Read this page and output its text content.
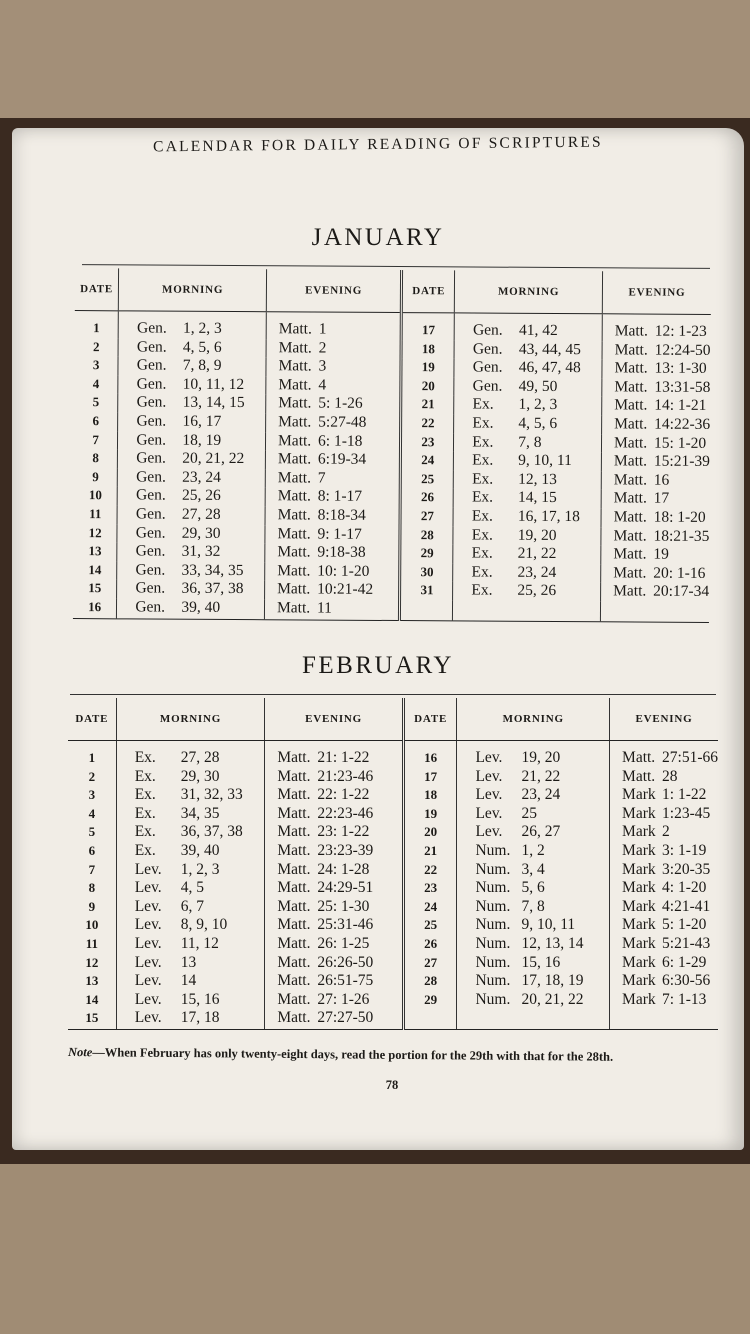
CALENDAR FOR DAILY READING OF SCRIPTURES
JANUARY
DATE	MORNING	EVENING	DATE	MORNING	EVENING
1	Gen. 1, 2, 3	Matt. 1	17	Gen. 41, 42	Matt. 12: 1-23
2	Gen. 4, 5, 6	Matt. 2	18	Gen. 43, 44, 45	Matt. 12:24-50
3	Gen. 7, 8, 9	Matt. 3	19	Gen. 46, 47, 48	Matt. 13: 1-30
4	Gen. 10, 11, 12	Matt. 4	20	Gen. 49, 50	Matt. 13:31-58
5	Gen. 13, 14, 15	Matt. 5: 1-26	21	Ex. 1, 2, 3	Matt. 14: 1-21
6	Gen. 16, 17	Matt. 5:27-48	22	Ex. 4, 5, 6	Matt. 14:22-36
7	Gen. 18, 19	Matt. 6: 1-18	23	Ex. 7, 8	Matt. 15: 1-20
8	Gen. 20, 21, 22	Matt. 6:19-34	24	Ex. 9, 10, 11	Matt. 15:21-39
9	Gen. 23, 24	Matt. 7	25	Ex. 12, 13	Matt. 16
10	Gen. 25, 26	Matt. 8: 1-17	26	Ex. 14, 15	Matt. 17
11	Gen. 27, 28	Matt. 8:18-34	27	Ex. 16, 17, 18	Matt. 18: 1-20
12	Gen. 29, 30	Matt. 9: 1-17	28	Ex. 19, 20	Matt. 18:21-35
13	Gen. 31, 32	Matt. 9:18-38	29	Ex. 21, 22	Matt. 19
14	Gen. 33, 34, 35	Matt. 10: 1-20	30	Ex. 23, 24	Matt. 20: 1-16
15	Gen. 36, 37, 38	Matt. 10:21-42	31	Ex. 25, 26	Matt. 20:17-34
16	Gen. 39, 40	Matt. 11			
FEBRUARY
DATE	MORNING	EVENING	DATE	MORNING	EVENING
1	Ex. 27, 28	Matt. 21: 1-22	16	Lev. 19, 20	Matt. 27:51-66
2	Ex. 29, 30	Matt. 21:23-46	17	Lev. 21, 22	Matt. 28
3	Ex. 31, 32, 33	Matt. 22: 1-22	18	Lev. 23, 24	Mark 1: 1-22
4	Ex. 34, 35	Matt. 22:23-46	19	Lev. 25	Mark 1:23-45
5	Ex. 36, 37, 38	Matt. 23: 1-22	20	Lev. 26, 27	Mark 2
6	Ex. 39, 40	Matt. 23:23-39	21	Num. 1, 2	Mark 3: 1-19
7	Lev. 1, 2, 3	Matt. 24: 1-28	22	Num. 3, 4	Mark 3:20-35
8	Lev. 4, 5	Matt. 24:29-51	23	Num. 5, 6	Mark 4: 1-20
9	Lev. 6, 7	Matt. 25: 1-30	24	Num. 7, 8	Mark 4:21-41
10	Lev. 8, 9, 10	Matt. 25:31-46	25	Num. 9, 10, 11	Mark 5: 1-20
11	Lev. 11, 12	Matt. 26: 1-25	26	Num. 12, 13, 14	Mark 5:21-43
12	Lev. 13	Matt. 26:26-50	27	Num. 15, 16	Mark 6: 1-29
13	Lev. 14	Matt. 26:51-75	28	Num. 17, 18, 19	Mark 6:30-56
14	Lev. 15, 16	Matt. 27: 1-26	29	Num. 20, 21, 22	Mark 7: 1-13
15	Lev. 17, 18	Matt. 27:27-50			
Note—When February has only twenty-eight days, read the portion for the 29th with that for the 28th.
78
